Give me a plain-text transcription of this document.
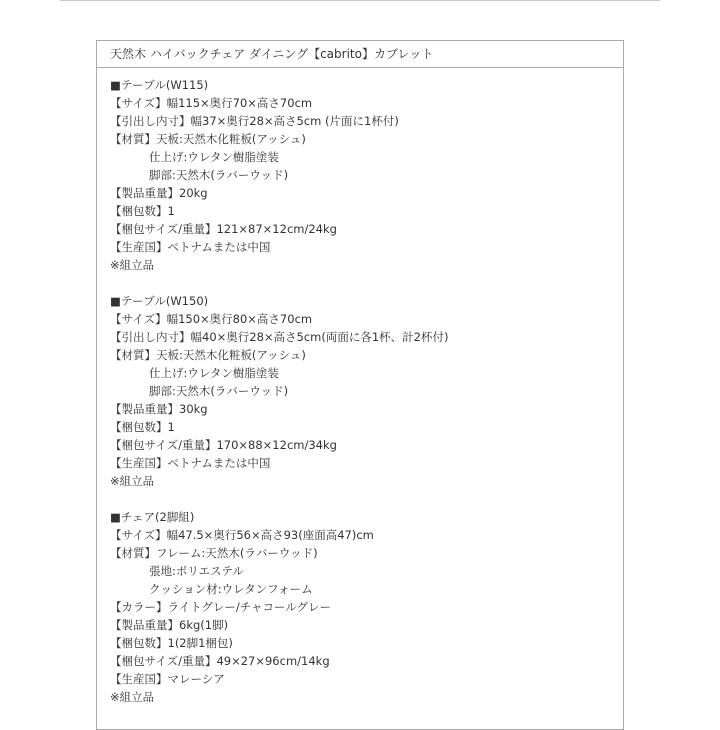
天然木 ハイバックチェア ダイニング【cabrito】カブレット
■テーブル(W115)
【サイズ】幅115×奥行70×高さ70cm
【引出し内寸】幅37×奥行28×高さ5cm (片面に1杯付)
【材質】天板:天然木化粧板(アッシュ)
仕上げ:ウレタン樹脂塗装
脚部:天然木(ラバーウッド)
【製品重量】20kg
【梱包数】1
【梱包サイズ/重量】121×87×12cm/24kg
【生産国】ベトナムまたは中国
※組立品
■テーブル(W150)
【サイズ】幅150×奥行80×高さ70cm
【引出し内寸】幅40×奥行28×高さ5cm(両面に各1杯、計2杯付)
【材質】天板:天然木化粧板(アッシュ)
仕上げ:ウレタン樹脂塗装
脚部:天然木(ラバーウッド)
【製品重量】30kg
【梱包数】1
【梱包サイズ/重量】170×88×12cm/34kg
【生産国】ベトナムまたは中国
※組立品
■チェア(2脚組)
【サイズ】幅47.5×奥行56×高さ93(座面高47)cm
【材質】フレーム:天然木(ラバーウッド)
張地:ポリエステル
クッション材:ウレタンフォーム
【カラー】ライトグレー/チャコールグレー
【製品重量】6kg(1脚)
【梱包数】1(2脚1梱包)
【梱包サイズ/重量】49×27×96cm/14kg
【生産国】マレーシア
※組立品
